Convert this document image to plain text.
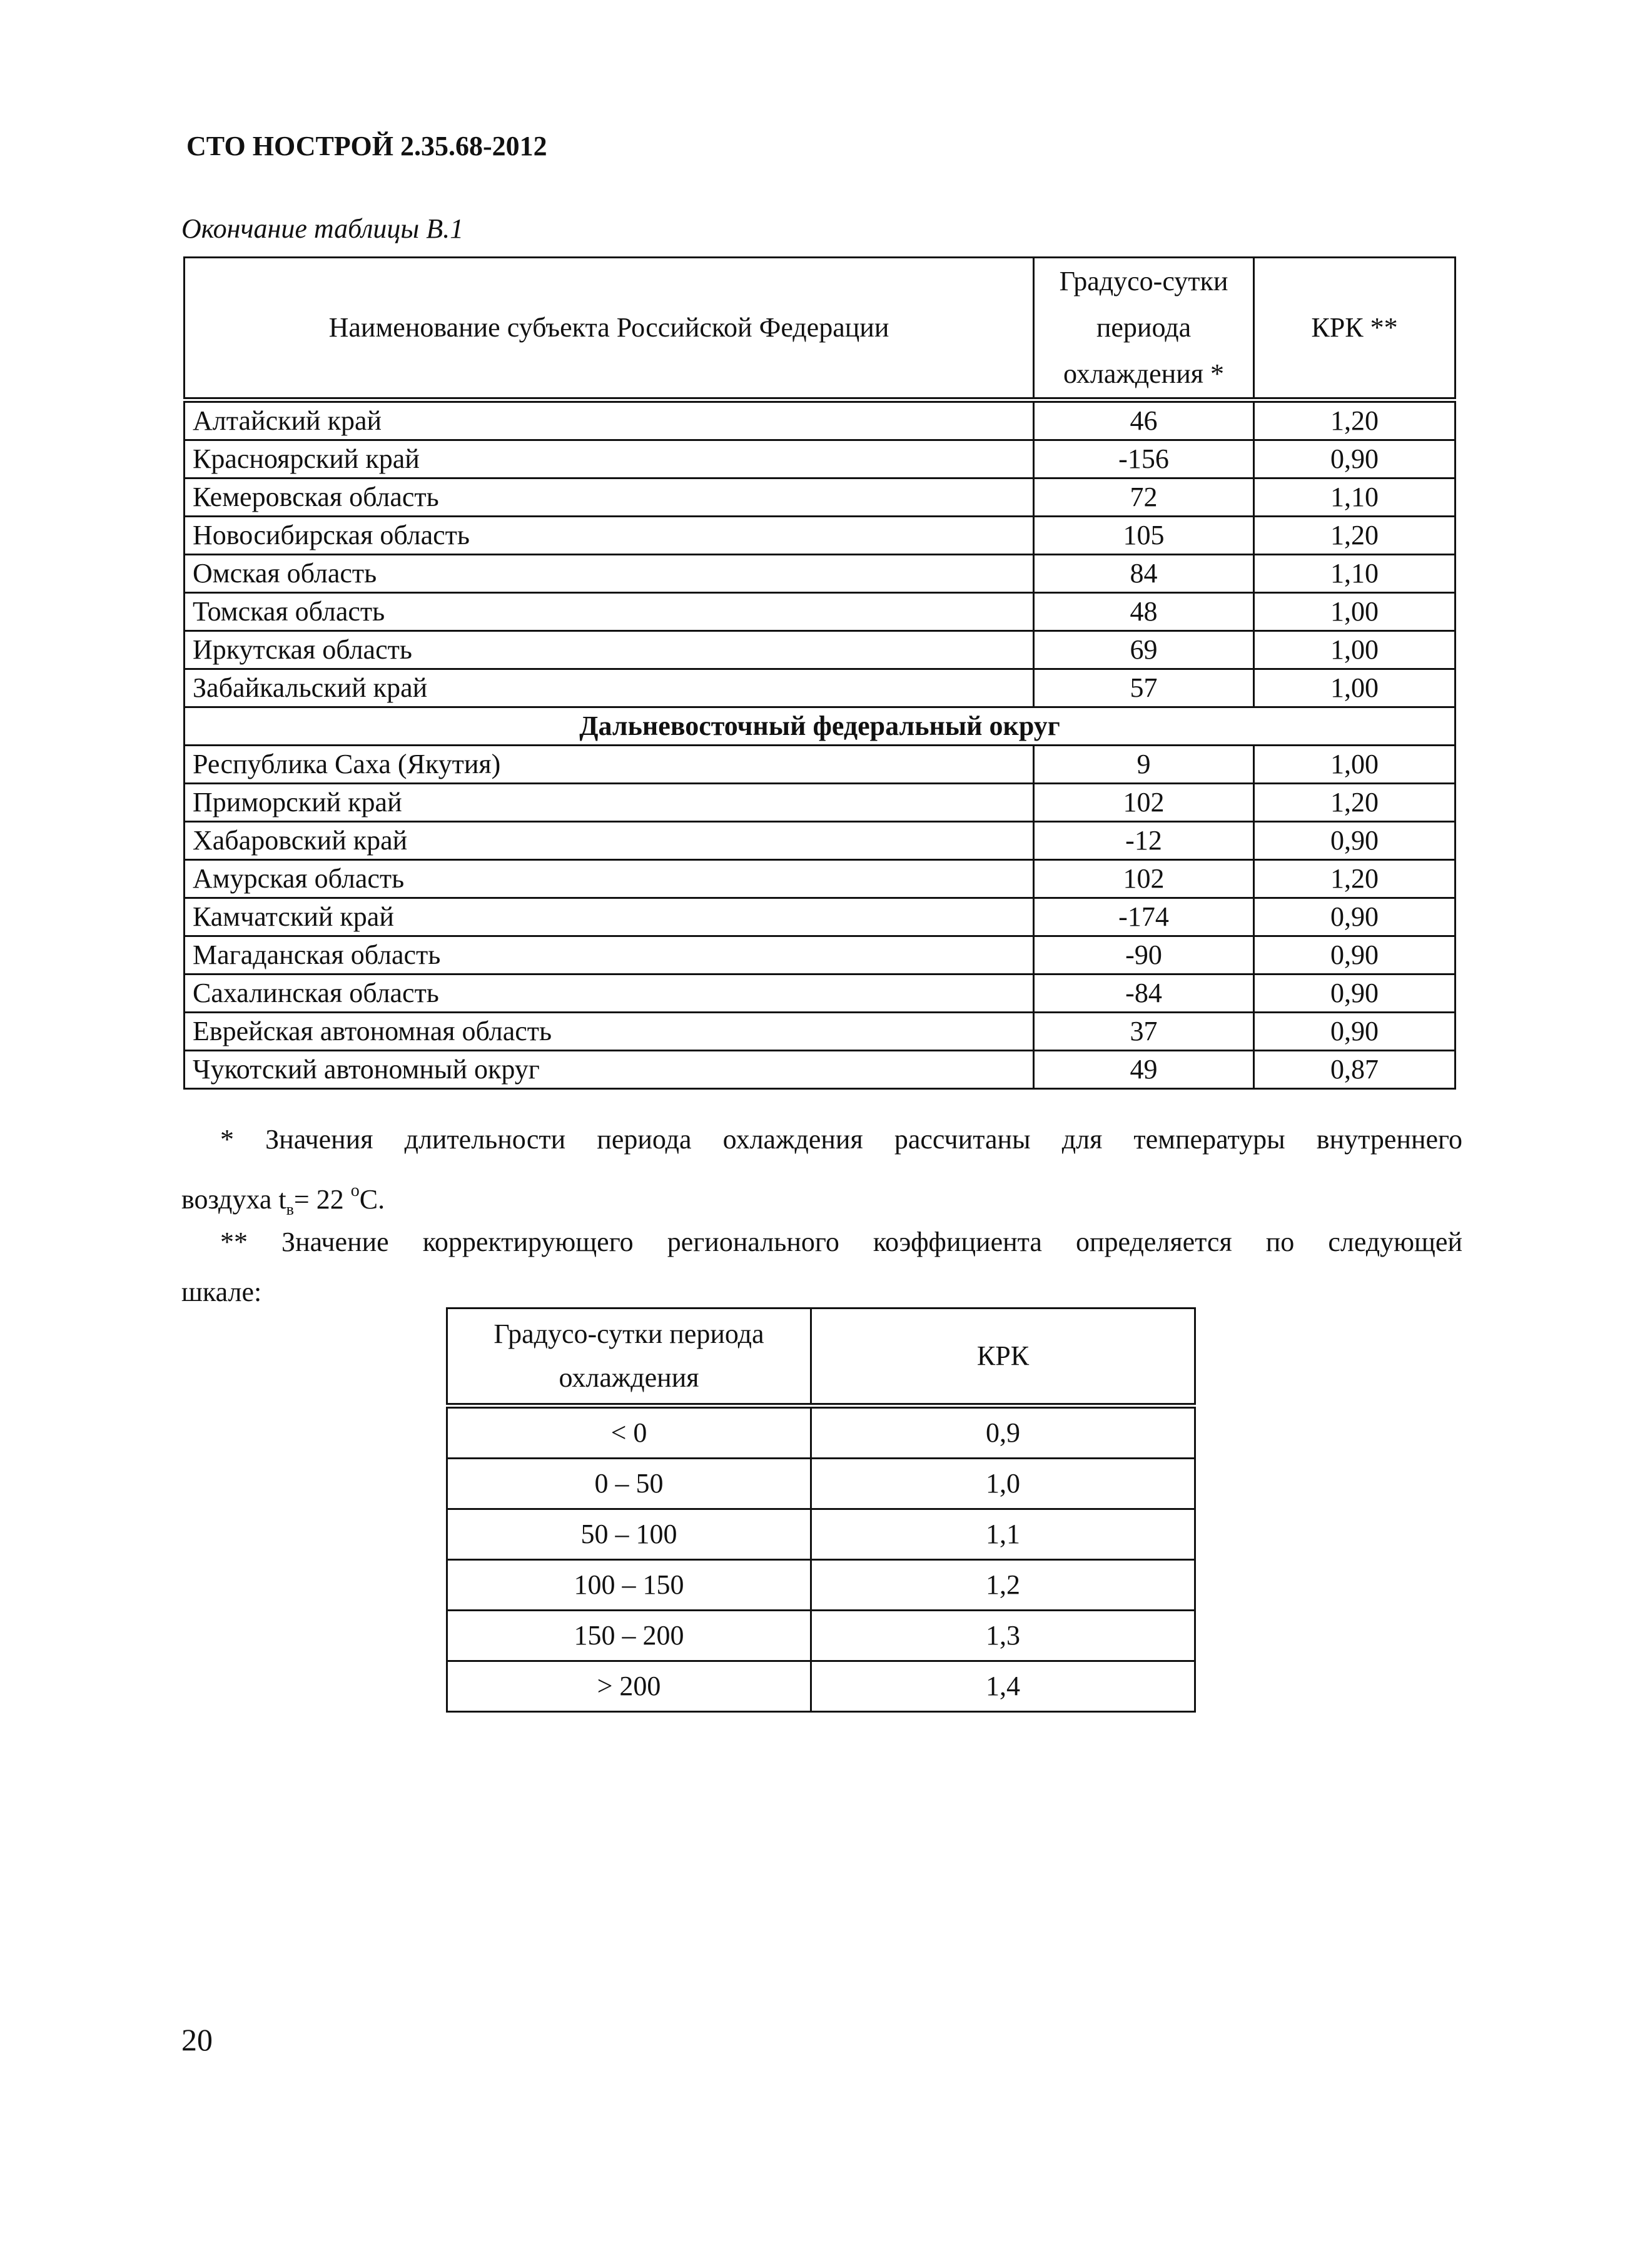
СТО НОСТРОЙ 2.35.68-2012
Окончание таблицы В.1
Наименование субъекта Российской Федерации	Градусо-сутки периода охлаждения *	КРК **
Алтайский край	46	1,20
Красноярский край	-156	0,90
Кемеровская область	72	1,10
Новосибирская область	105	1,20
Омская область	84	1,10
Томская область	48	1,00
Иркутская область	69	1,00
Забайкальский край	57	1,00
Дальневосточный федеральный округ		
Республика Саха (Якутия)	9	1,00
Приморский край	102	1,20
Хабаровский край	-12	0,90
Амурская область	102	1,20
Камчатский край	-174	0,90
Магаданская область	-90	0,90
Сахалинская область	-84	0,90
Еврейская автономная область	37	0,90
Чукотский автономный округ	49	0,87
* Значения длительности периода охлаждения рассчитаны для температуры внутреннего
воздуха $t_в= 22$ $^о$С.
** Значение корректирующего регионального коэффициента определяется по следующей
шкале:
Градусо-сутки периода охлаждения	КРК
< 0	0,9
0 – 50	1,0
50 – 100	1,1
100 – 150	1,2
150 – 200	1,3
> 200	1,4
20
